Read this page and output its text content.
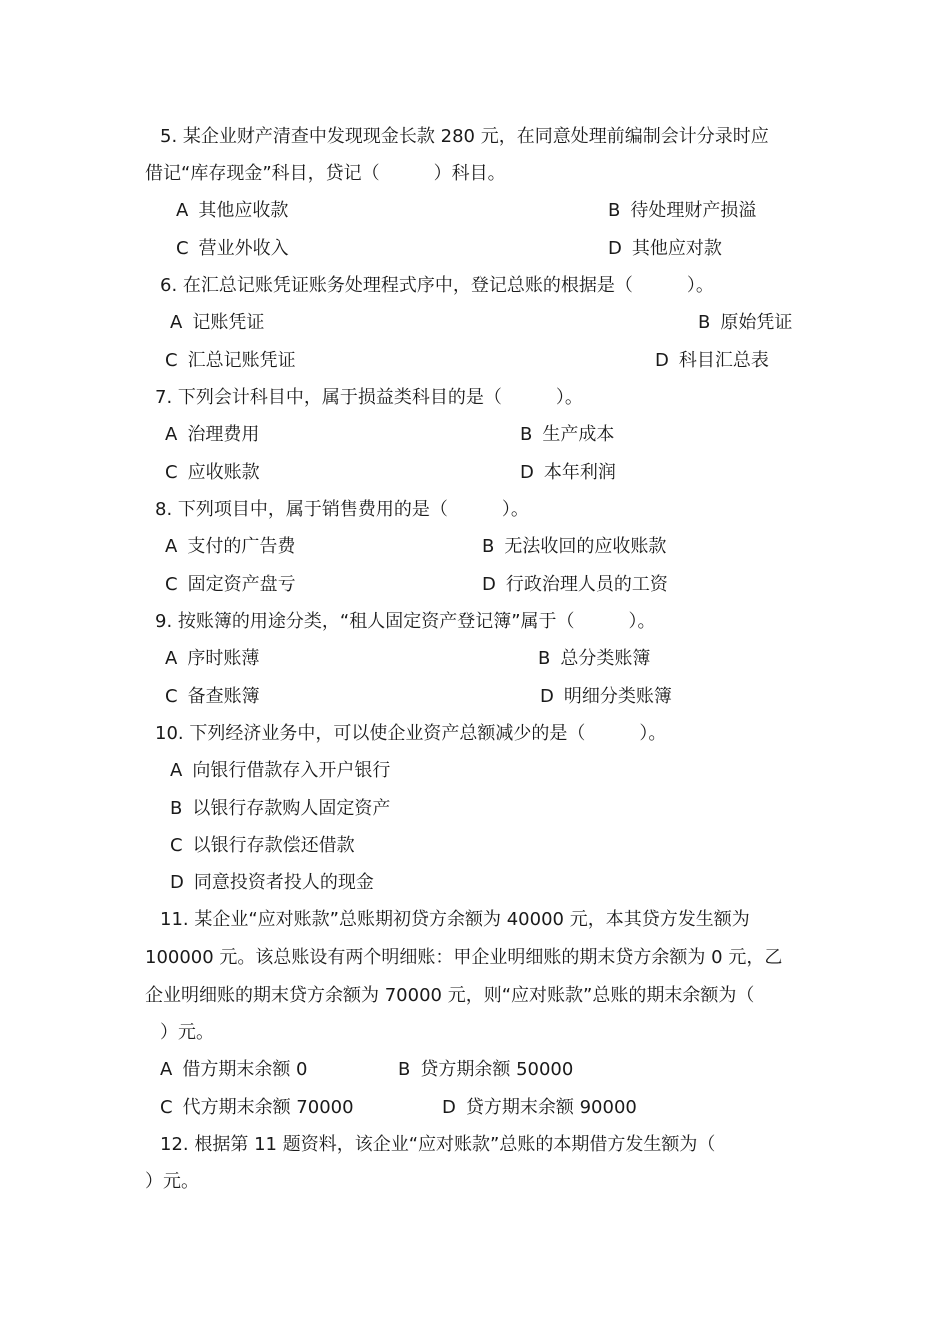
5. 某企业财产清查中发现现金长款 280 元，在同意处理前编制会计分录时应
借记“库存现金”科目，贷记（　　　）科目。
A 其他应收款	B 待处理财产损溢
C 营业外收入	D 其他应对款
6. 在汇总记账凭证账务处理程式序中，登记总账的根据是（　　　）。
A 记账凭证	B 原始凭证
C 汇总记账凭证	D 科目汇总表
7. 下列会计科目中，属于损益类科目的是（　　　）。
A 治理费用	B 生产成本
C 应收账款	D 本年利润
8. 下列项目中，属于销售费用的是（　　　）。
A 支付的广告费	B 无法收回的应收账款
C 固定资产盘亏	D 行政治理人员的工资
9. 按账簿的用途分类，“租人固定资产登记簿”属于（　　　）。
A 序时账薄	B 总分类账簿
C 备查账簿	D 明细分类账簿
10. 下列经济业务中，可以使企业资产总额减少的是（　　　）。
A 向银行借款存入开户银行
B 以银行存款购人固定资产
C 以银行存款偿还借款
D 同意投资者投人的现金
11. 某企业“应对账款”总账期初贷方余额为 40000 元，本其贷方发生额为
100000 元。该总账设有两个明细账：甲企业明细账的期末贷方余额为 0 元，乙
企业明细账的期末贷方余额为 70000 元，则“应对账款”总账的期末余额为（
）元。
A 借方期末余额 0	B 贷方期余额 50000
C 代方期末余额 70000	D 贷方期末余额 90000
12. 根据第 11 题资料，该企业“应对账款”总账的本期借方发生额为（
）元。
